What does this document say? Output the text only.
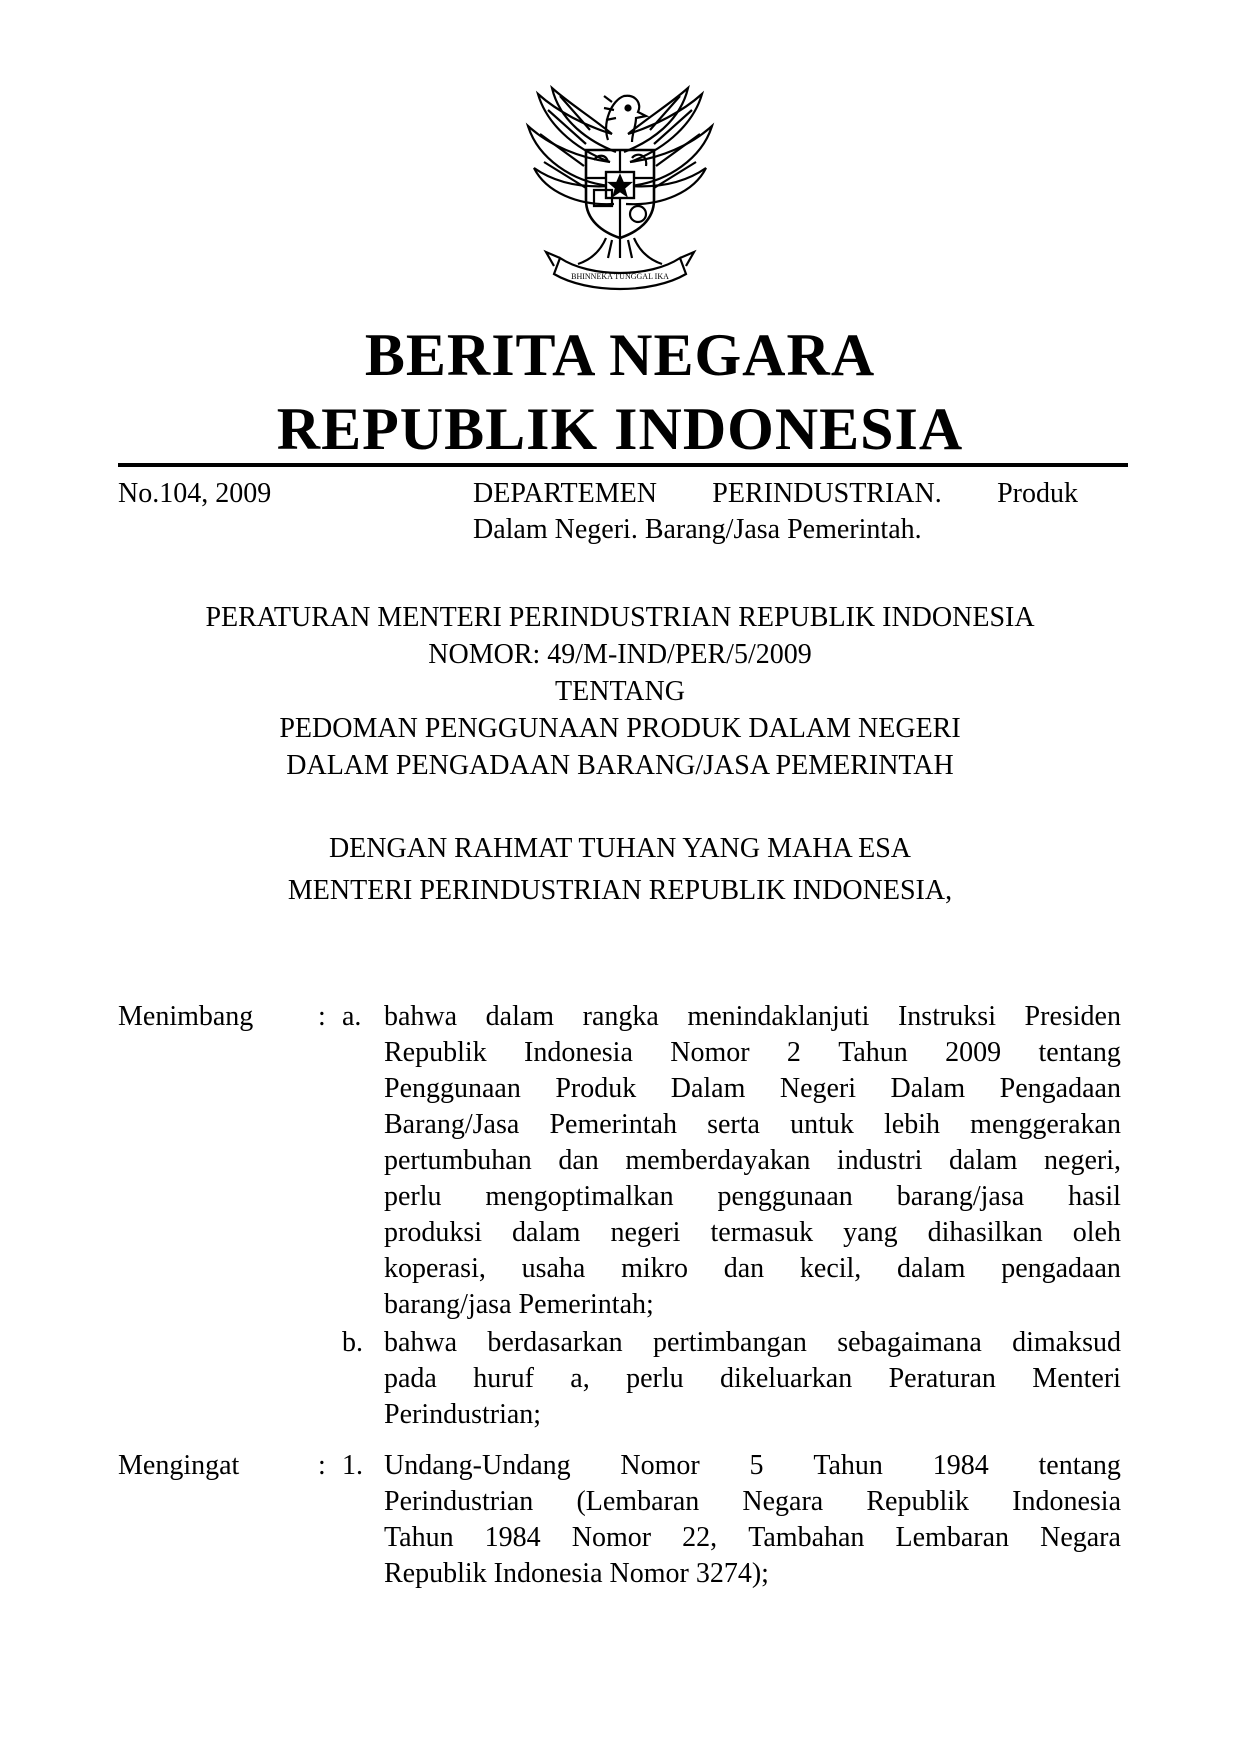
BHINNEKA TUNGGAL IKA
BERITA NEGARA
REPUBLIK INDONESIA
No.104, 2009	DEPARTEMEN PERINDUSTRIAN. Produk
Dalam Negeri. Barang/Jasa Pemerintah.
PERATURAN MENTERI PERINDUSTRIAN REPUBLIK INDONESIA
NOMOR: 49/M-IND/PER/5/2009
TENTANG
PEDOMAN PENGGUNAAN PRODUK DALAM NEGERI
DALAM PENGADAAN BARANG/JASA PEMERINTAH
DENGAN RAHMAT TUHAN YANG MAHA ESA
MENTERI PERINDUSTRIAN REPUBLIK INDONESIA,
Menimbang : a. bahwa dalam rangka menindaklanjuti Instruksi Presiden
Republik Indonesia Nomor 2 Tahun 2009 tentang
Penggunaan Produk Dalam Negeri Dalam Pengadaan
Barang/Jasa Pemerintah serta untuk lebih menggerakan
pertumbuhan dan memberdayakan industri dalam negeri,
perlu mengoptimalkan penggunaan barang/jasa hasil
produksi dalam negeri termasuk yang dihasilkan oleh
koperasi, usaha mikro dan kecil, dalam pengadaan
barang/jasa Pemerintah;
b. bahwa berdasarkan pertimbangan sebagaimana dimaksud
pada huruf a, perlu dikeluarkan Peraturan Menteri
Perindustrian;
Mengingat	: 1. Undang-Undang Nomor 5 Tahun 1984 tentang
Perindustrian (Lembaran Negara Republik Indonesia
Tahun 1984 Nomor 22, Tambahan Lembaran Negara
Republik Indonesia Nomor 3274);
